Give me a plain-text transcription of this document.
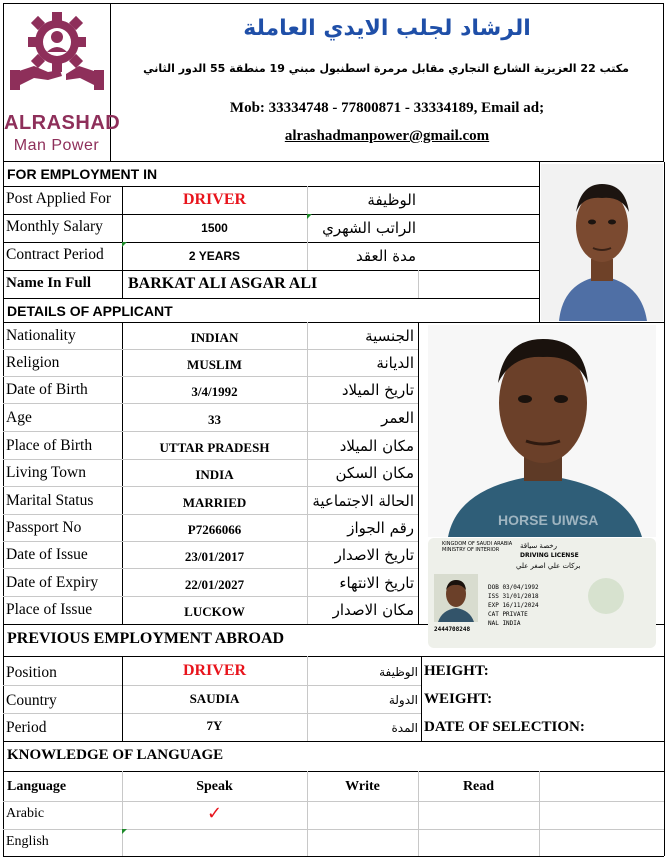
ALRASHAD
Man Power
الرشاد لجلب الايدي العاملة
مكتب 22 العزيزية الشارع التجاري مقابل مرمرة اسطنبول مبني 19 منطقة 55 الدور الثاني
Mob: 33334748 - 77800871 - 33334189, Email ad;
alrashadmanpower@gmail.com
FOR EMPLOYMENT IN
Post Applied For	DRIVER	الوظيفة
Monthly Salary	1500	الراتب الشهري
Contract Period	2 YEARS	مدة العقد
Name In Full BARKAT ALI ASGAR ALI
DETAILS OF APPLICANT
Nationality	INDIAN	الجنسية
Religion	MUSLIM	الديانة
Date of Birth	3/4/1992	تاريخ الميلاد
Age	33	العمر
Place of Birth	UTTAR PRADESH	مكان الميلاد
Living Town	INDIA	مكان السكن
Marital Status	MARRIED	الحالة الاجتماعية
Passport No	P7266066	رقم الجواز
Date of Issue	23/01/2017	تاريخ الاصدار
Date of Expiry	22/01/2027	تاريخ الانتهاء
Place of Issue	LUCKOW	مكان الاصدار
HORSE UIWSA
KINGDOM OF SAUDI ARABIA
MINISTRY OF INTERIOR
DRIVING LICENSE
رخصة سياقة
بركات علي اصغر علي
DOB 03/04/1992
ISS 31/01/2018
EXP 16/11/2024
CAT PRIVATE
NAL INDIA
2444708248
PREVIOUS EMPLOYMENT ABROAD
Position	DRIVER	الوظيفة HEIGHT:
Country	SAUDIA	الدولة WEIGHT:
Period	7Y	المدة DATE OF SELECTION:
KNOWLEDGE OF LANGUAGE
Language	Speak	Write	Read
Arabic	✓
English
